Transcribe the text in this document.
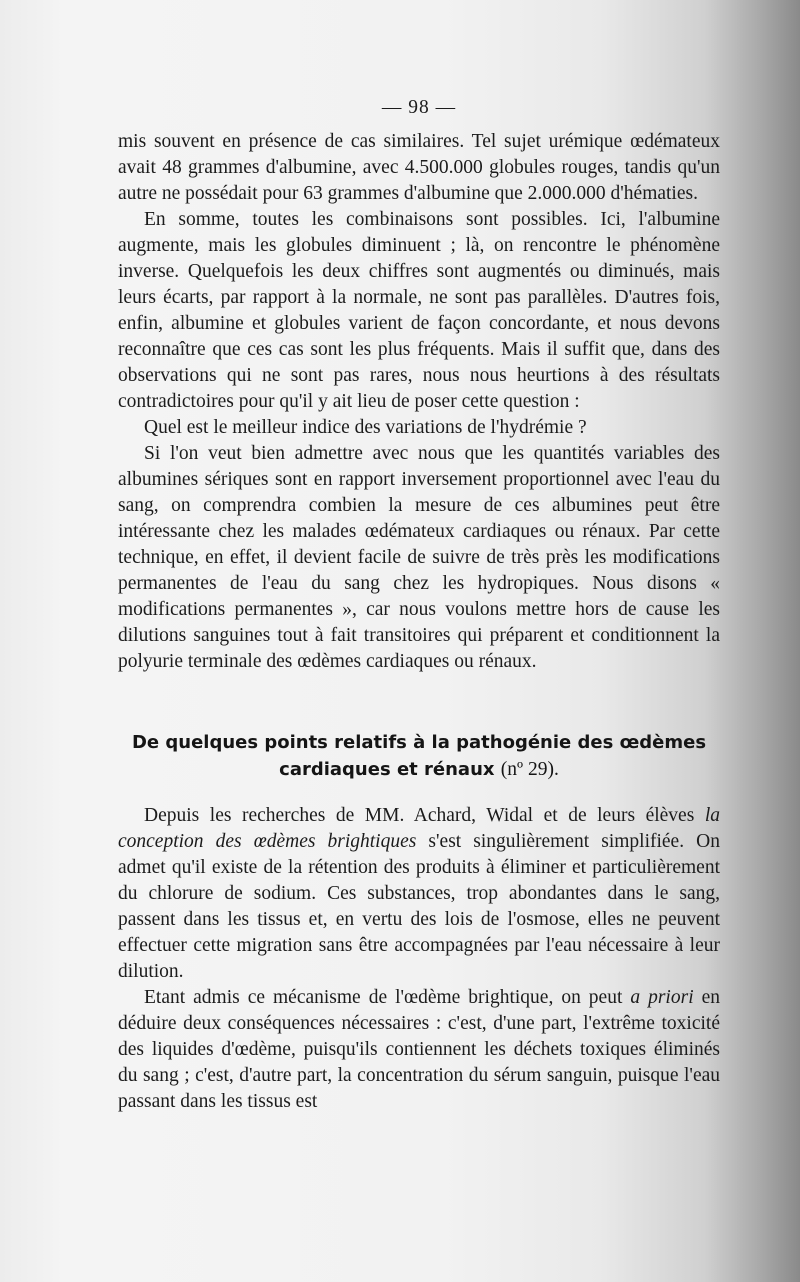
— 98 —

mis souvent en présence de cas similaires. Tel sujet urémique œdémateux avait 48 grammes d'albumine, avec 4.500.000 globules rouges, tandis qu'un autre ne possédait pour 63 grammes d'albumine que 2.000.000 d'hématies.

En somme, toutes les combinaisons sont possibles. Ici, l'albumine augmente, mais les globules diminuent ; là, on rencontre le phénomène inverse. Quelquefois les deux chiffres sont augmentés ou diminués, mais leurs écarts, par rapport à la normale, ne sont pas parallèles. D'autres fois, enfin, albumine et globules varient de façon concordante, et nous devons reconnaître que ces cas sont les plus fréquents. Mais il suffit que, dans des observations qui ne sont pas rares, nous nous heurtions à des résultats contradictoires pour qu'il y ait lieu de poser cette question :

Quel est le meilleur indice des variations de l'hydrémie ?

Si l'on veut bien admettre avec nous que les quantités variables des albumines sériques sont en rapport inversement proportionnel avec l'eau du sang, on comprendra combien la mesure de ces albumines peut être intéressante chez les malades œdémateux cardiaques ou rénaux. Par cette technique, en effet, il devient facile de suivre de très près les modifications permanentes de l'eau du sang chez les hydropiques. Nous disons « modifications permanentes », car nous voulons mettre hors de cause les dilutions sanguines tout à fait transitoires qui préparent et conditionnent la polyurie terminale des œdèmes cardiaques ou rénaux.

De quelques points relatifs à la pathogénie des œdèmes cardiaques et rénaux (nº 29).

Depuis les recherches de MM. Achard, Widal et de leurs élèves la conception des œdèmes brightiques s'est singulièrement simplifiée. On admet qu'il existe de la rétention des produits à éliminer et particulièrement du chlorure de sodium. Ces substances, trop abondantes dans le sang, passent dans les tissus et, en vertu des lois de l'osmose, elles ne peuvent effectuer cette migration sans être accompagnées par l'eau nécessaire à leur dilution.

Etant admis ce mécanisme de l'œdème brightique, on peut a priori en déduire deux conséquences nécessaires : c'est, d'une part, l'extrême toxicité des liquides d'œdème, puisqu'ils contiennent les déchets toxiques éliminés du sang ; c'est, d'autre part, la concentration du sérum sanguin, puisque l'eau passant dans les tissus est
